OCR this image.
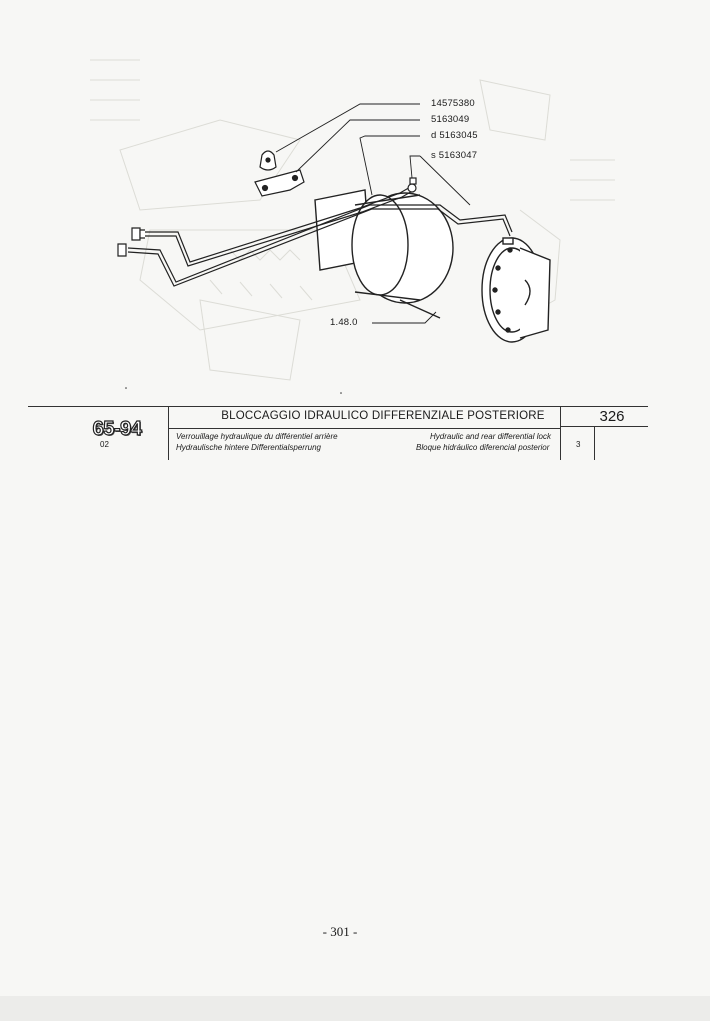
14575380
5163049
d 5163045
s 5163047
1.48.0
65-94
02
BLOCCAGGIO IDRAULICO DIFFERENZIALE POSTERIORE
Verrouillage hydraulique du différentiel arrière
Hydraulische hintere Differentialsperrung
Hydraulic and rear differential lock
Bloque hidráulico diferencial posterior
326
3
- 301 -
